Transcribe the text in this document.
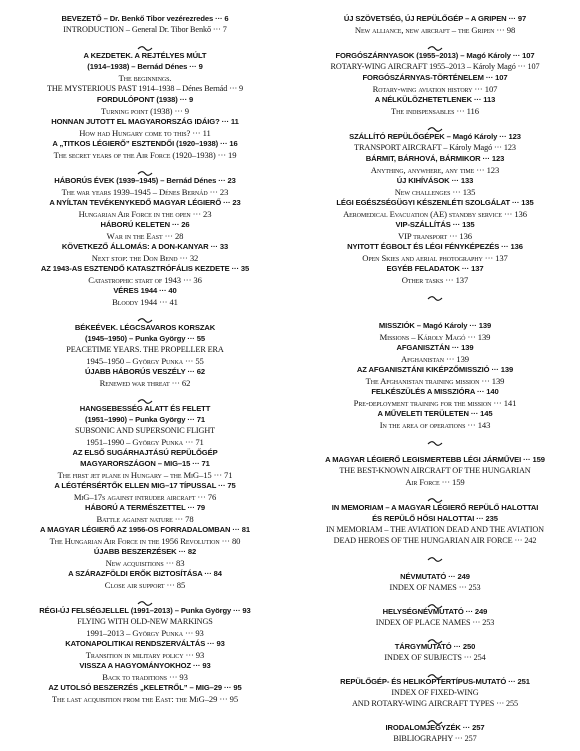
BEVEZETŐ – Dr. Benkő Tibor vezérezredes ··· 6
INTRODUCTION – General Dr. Tibor Benkő ··· 7
A KEZDETEK. A REJTÉLYES MÚLT
(1914–1938) – Bernád Dénes ··· 9
The beginnings.
THE MYSTERIOUS PAST 1914–1938 – Dénes Bernád ··· 9
FORDULÓPONT (1938) ··· 9
Turning point (1938) ··· 9
HONNAN JUTOTT EL MAGYARORSZÁG IDÁIG? ··· 11
How had Hungary come to this? ··· 11
A „TITKOS LÉGIERŐ” ESZTENDŐI (1920–1938) ··· 16
The secret years of the Air Force (1920–1938) ··· 19
HÁBORÚS ÉVEK (1939–1945) – Bernád Dénes ··· 23
The war years 1939–1945 – Dénes Bernád ··· 23
A NYÍLTAN TEVÉKENYKEDŐ MAGYAR LÉGIERŐ ··· 23
Hungarian Air Force in the open ··· 23
HÁBORÚ KELETEN ··· 26
War in the East ··· 28
KÖVETKEZŐ ÁLLOMÁS: A DON-KANYAR ··· 33
Next stop: the Don Bend ··· 32
AZ 1943-AS ESZTENDŐ KATASZTRÓFÁLIS KEZDETE ··· 35
Catastrophic start of 1943 ··· 36
VÉRES 1944 ··· 40
Bloody 1944 ··· 41
BÉKEÉVEK. LÉGCSAVAROS KORSZAK
(1945–1950) – Punka György ··· 55
PEACETIME YEARS. THE PROPELLER ERA
1945–1950 – György Punka ··· 55
ÚJABB HÁBORÚS VESZÉLY ··· 62
Renewed war threat ··· 62
HANGSEBESSÉG ALATT ÉS FELETT
(1951–1990) – Punka György ··· 71
SUBSONIC AND SUPERSONIC FLIGHT
1951–1990 – György Punka ··· 71
AZ ELSŐ SUGÁRHAJTÁSÚ REPÜLŐGÉP
MAGYARORSZÁGON – MIG–15 ··· 71
The first jet plane in Hungary – the MiG–15 ··· 71
A LÉGTÉRSÉRTŐK ELLEN MIG–17 TÍPUSSAL ··· 75
MiG–17s against intruder aircraft ··· 76
HÁBORÚ A TERMÉSZETTEL ··· 79
Battle against nature ··· 78
A MAGYAR LÉGIERŐ AZ 1956-OS FORRADALOMBAN ··· 81
The Hungarian Air Force in the 1956 Revolution ··· 80
ÚJABB BESZERZÉSEK ··· 82
New acquisitions ··· 83
A SZÁRAZFÖLDI ERŐK BIZTOSÍTÁSA ··· 84
Close air support ··· 85
RÉGI-ÚJ FELSÉGJELLEL (1991–2013) – Punka György ··· 93
FLYING WITH OLD-NEW MARKINGS
1991–2013 – György Punka ··· 93
KATONAPOLITIKAI RENDSZERVÁLTÁS ··· 93
Transition in military policy ··· 93
VISSZA A HAGYOMÁNYOKHOZ ··· 93
Back to traditions ··· 93
AZ UTOLSÓ BESZERZÉS „KELETRŐL” – MIG–29 ··· 95
The last acquisition from the East: the MiG–29 ··· 95
ÚJ SZÖVETSÉG, ÚJ REPÜLŐGÉP – A GRIPEN ··· 97
New alliance, new aircraft – the Gripen ··· 98
FORGÓSZÁRNYASOK (1955–2013) – Magó Károly ··· 107
ROTARY-WING AIRCRAFT 1955–2013 – Károly Magó ··· 107
FORGÓSZÁRNYAS-TÖRTÉNELEM ··· 107
Rotary-wing aviation history ··· 107
A NÉLKÜLÖZHETETLENEK ··· 113
The indispensables ··· 116
SZÁLLÍTÓ REPÜLŐGÉPEK – Magó Károly ··· 123
TRANSPORT AIRCRAFT – Károly Magó ··· 123
BÁRMIT, BÁRHOVÁ, BÁRMIKOR ··· 123
Anything, anywhere, any time ··· 123
ÚJ KIHÍVÁSOK ··· 133
New challenges ··· 135
LÉGI EGÉSZSÉGÜGYI KÉSZENLÉTI SZOLGÁLAT ··· 135
Aeromedical Evacuation (AE) standby service ··· 136
VIP-SZÁLLÍTÁS ··· 135
VIP transport ··· 136
NYITOTT ÉGBOLT ÉS LÉGI FÉNYKÉPEZÉS ··· 136
Open Skies and aerial photography ··· 137
EGYÉB FELADATOK ··· 137
Other tasks ··· 137
MISSZIÓK – Magó Károly ··· 139
Missions – Károly Magó ··· 139
AFGANISZTÁN ··· 139
Afghanistan ··· 139
AZ AFGANISZTÁNI KIKÉPZŐMISSZIÓ ··· 139
The Afghanistan training mission ··· 139
FELKÉSZÜLÉS A MISSZIÓRA ··· 140
Pre-deployment training for the mission ··· 141
A MŰVELETI TERÜLETEN ··· 145
In the area of operations ··· 143
A MAGYAR LÉGIERŐ LEGISMERTEBB LÉGI JÁRMŰVEI ··· 159
THE BEST-KNOWN AIRCRAFT OF THE HUNGARIAN
Air Force ··· 159
IN MEMORIAM – A MAGYAR LÉGIERŐ REPÜLŐ HALOTTAI
ÉS REPÜLŐ HŐSI HALOTTAI ··· 235
IN MEMORIAM – THE AVIATION DEAD AND THE AVIATION
DEAD HEROES OF THE HUNGARIAN AIR FORCE ··· 242
NÉVMUTATÓ ··· 249
INDEX OF NAMES ··· 253
HELYSÉGNÉVMUTATÓ ··· 249
INDEX OF PLACE NAMES ··· 253
TÁRGYMUTATÓ ··· 250
INDEX OF SUBJECTS ··· 254
REPÜLŐGÉP- ÉS HELIKOPTERTÍPUS-MUTATÓ ··· 251
INDEX OF FIXED-WING
AND ROTARY-WING AIRCRAFT TYPES ··· 255
IRODALOMJEGYZÉK ··· 257
BIBLIOGRAPHY ··· 257
